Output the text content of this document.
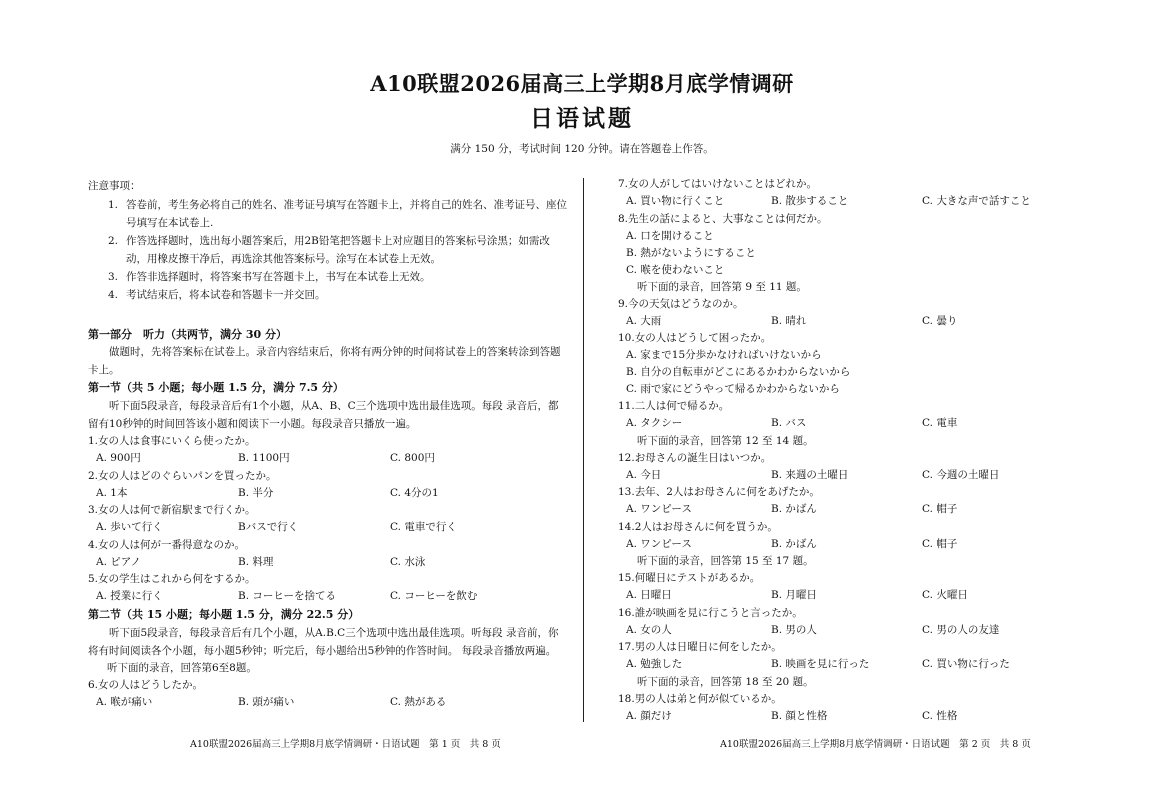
A10联盟2026届高三上学期8月底学情调研
日语试题
满分 150 分，考试时间 120 分钟。请在答题卷上作答。
注意事项：
1. 答卷前，考生务必将自己的姓名、准考证号填写在答题卡上，并将自己的姓名、准考证号、座位号填写在本试卷上.
2. 作答选择题时，选出每小题答案后，用2B铅笔把答题卡上对应题目的答案标号涂黑；如需改动，用橡皮擦干净后，再选涂其他答案标号。涂写在本试卷上无效。
3. 作答非选择题时，将答案书写在答题卡上，书写在本试卷上无效。
4. 考试结束后，将本试卷和答题卡一并交回。
第一部分　听力（共两节，满分 30 分）

做题时，先将答案标在试卷上。录音内容结束后，你将有两分钟的时间将试卷上的答案转涂到答题卡上。

第一节（共 5 小题；每小题 1.5 分，满分 7.5 分）

听下面5段录音，每段录音后有1个小题，从A、B、C三个选项中选出最佳选项。每段 录音后，都留有10秒钟的时间回答该小题和阅读下一小题。每段录音只播放一遍。

1.女の人は食事にいくら使ったか。
A. 900円	B. 1100円	C. 800円
2.女の人はどのぐらいパンを買ったか。
A. 1本	B. 半分	C. 4分の1
3.女の人は何で新宿駅まで行くか。
A. 歩いて行く	Bバスで行く	C. 電車で行く
4.女の人は何が一番得意なのか。
A. ピアノ	B. 料理	C. 水泳
5.女の学生はこれから何をするか。
A. 授業に行く	B. コーヒーを捨てる	C. コーヒーを飲む
第二节（共 15 小题；每小题 1.5 分，满分 22.5 分）

听下面5段录音，每段录音后有几个小题，从A.B.C三个选项中选出最佳选项。听每段 录音前，你将有时间阅读各个小题，每小题5秒钟；听完后，每小题给出5秒钟的作答时间。 每段录音播放两遍。

听下面的录音，回答第6至8题。
6.女の人はどうしたか。
A. 喉が痛い	B. 頭が痛い	C. 熱がある
7.女の人がしてはいけないことはどれか。
A. 買い物に行くこと	B. 散歩すること	C. 大きな声で話すこと
8.先生の話によると、大事なことは何だか。
A. 口を開けること
B. 熱がないようにすること
C. 喉を使わないこと
听下面的录音，回答第 9 至 11 题。
9.今の天気はどうなのか。
A. 大雨	B. 晴れ	C. 曇り
10.女の人はどうして困ったか。
A. 家まで15分歩かなければいけないから
B. 自分の自転車がどこにあるかわからないから
C. 雨で家にどうやって帰るかわからないから
11.二人は何で帰るか。
A. タクシー	B. バス	C. 電車
听下面的录音，回答第 12 至 14 题。
12.お母さんの誕生日はいつか。
A. 今日	B. 来週の土曜日	C. 今週の土曜日
13.去年、2人はお母さんに何をあげたか。
A. ワンピース	B. かばん	C. 帽子
14.2人はお母さんに何を買うか。
A. ワンピース	B. かばん	C. 帽子
听下面的录音，回答第 15 至 17 题。
15.何曜日にテストがあるか。
A. 日曜日	B. 月曜日	C. 火曜日
16.誰が映画を見に行こうと言ったか。
A. 女の人	B. 男の人	C. 男の人の友達
17.男の人は日曜日に何をしたか。
A. 勉強した	B. 映画を見に行った	C. 買い物に行った
听下面的录音，回答第 18 至 20 题。
18.男の人は弟と何が似ているか。
A. 顔だけ	B. 顔と性格	C. 性格
A10联盟2026届高三上学期8月底学情调研・日语试题　第 1 页　共 8 页	A10联盟2026届高三上学期8月底学情调研・日语试题　第 2 页　共 8 页
